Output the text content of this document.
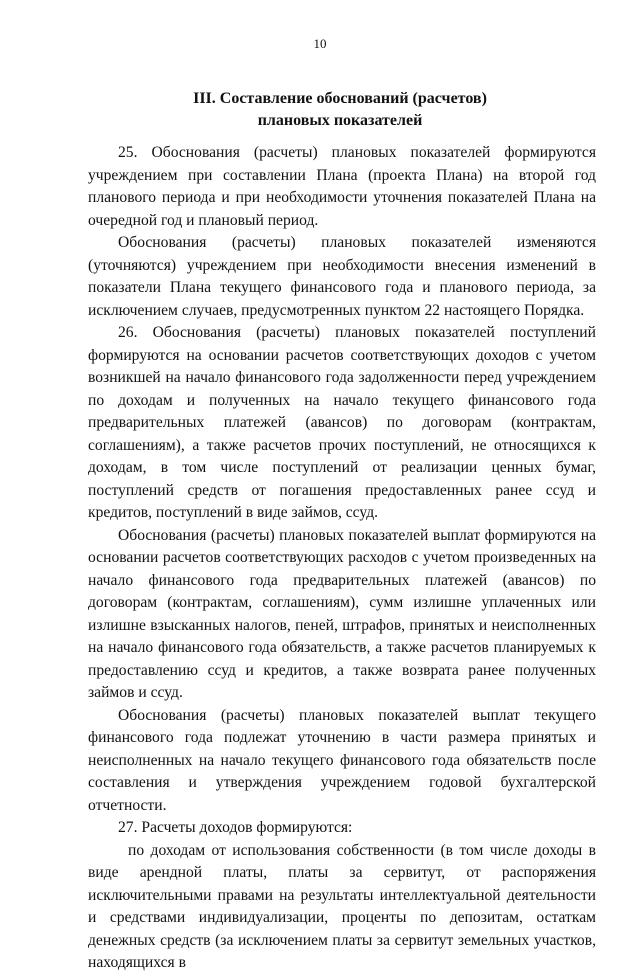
10
III. Составление обоснований (расчетов)
плановых показателей

25. Обоснования (расчеты) плановых показателей формируются учреждением при составлении Плана (проекта Плана) на второй год планового периода и при необходимости уточнения показателей Плана на очередной год и плановый период.

Обоснования (расчеты) плановых показателей изменяются (уточняются) учреждением при необходимости внесения изменений в показатели Плана текущего финансового года и планового периода, за исключением случаев, предусмотренных пунктом 22 настоящего Порядка.

26. Обоснования (расчеты) плановых показателей поступлений формируются на основании расчетов соответствующих доходов с учетом возникшей на начало финансового года задолженности перед учреждением по доходам и полученных на начало текущего финансового года предварительных платежей (авансов) по договорам (контрактам, соглашениям), а также расчетов прочих поступлений, не относящихся к доходам, в том числе поступлений от реализации ценных бумаг, поступлений средств от погашения предоставленных ранее ссуд и кредитов, поступлений в виде займов, ссуд.

Обоснования (расчеты) плановых показателей выплат формируются на основании расчетов соответствующих расходов с учетом произведенных на начало финансового года предварительных платежей (авансов) по договорам (контрактам, соглашениям), сумм излишне уплаченных или излишне взысканных налогов, пеней, штрафов, принятых и неисполненных на начало финансового года обязательств, а также расчетов планируемых к предоставлению ссуд и кредитов, а также возврата ранее полученных займов и ссуд.

Обоснования (расчеты) плановых показателей выплат текущего финансового года подлежат уточнению в части размера принятых и неисполненных на начало текущего финансового года обязательств после составления и утверждения учреждением годовой бухгалтерской отчетности.

27. Расчеты доходов формируются:

по доходам от использования собственности (в том числе доходы в виде арендной платы, платы за сервитут, от распоряжения исключительными правами на результаты интеллектуальной деятельности и средствами индивидуализации, проценты по депозитам, остаткам денежных средств (за исключением платы за сервитут земельных участков, находящихся в
